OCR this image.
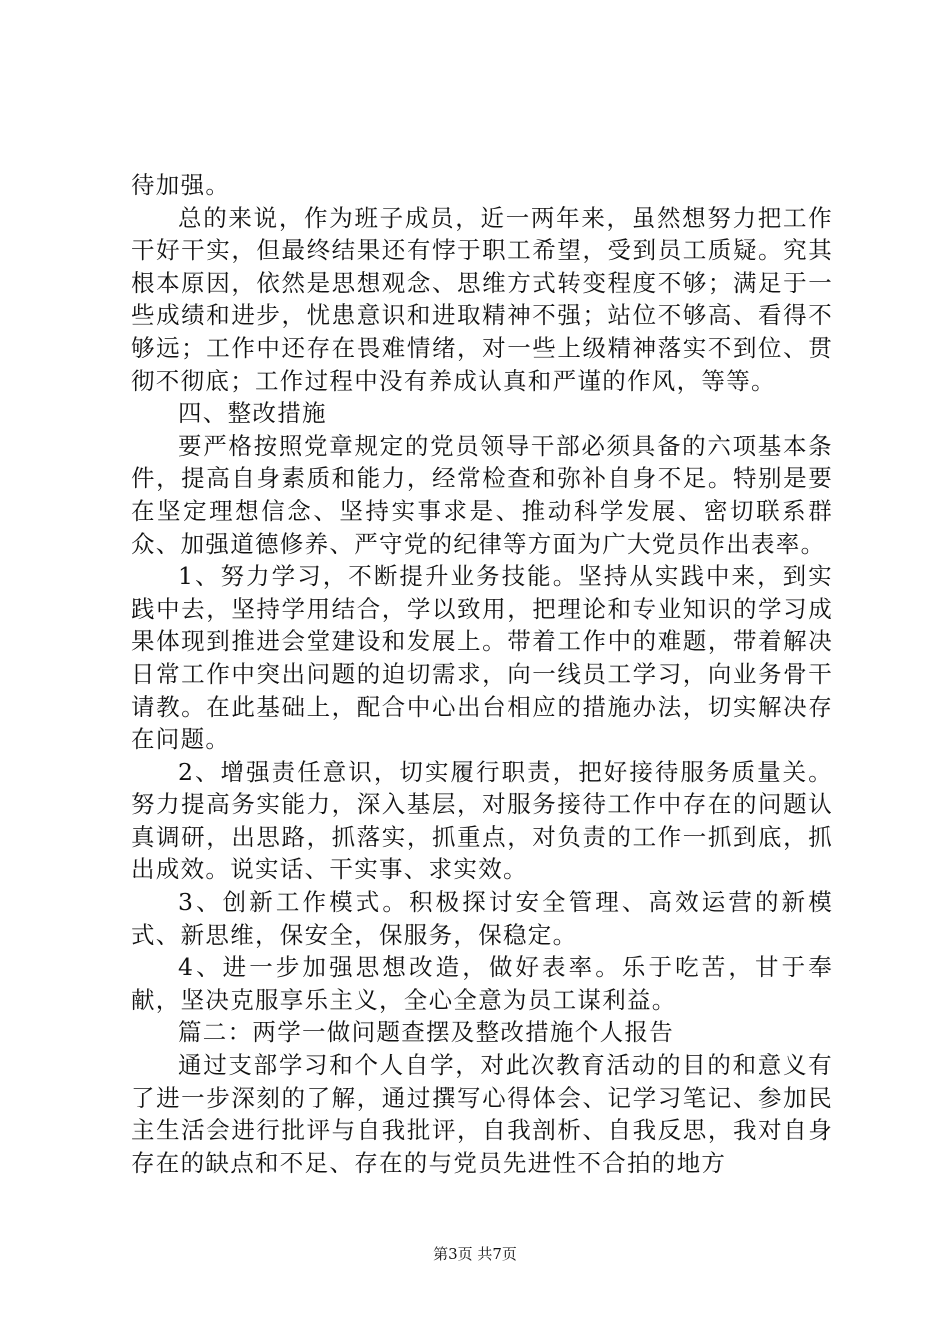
待加强。

总的来说，作为班子成员，近一两年来，虽然想努力把工作干好干实，但最终结果还有悖于职工希望，受到员工质疑。究其根本原因，依然是思想观念、思维方式转变程度不够；满足于一些成绩和进步，忧患意识和进取精神不强；站位不够高、看得不够远；工作中还存在畏难情绪，对一些上级精神落实不到位、贯彻不彻底；工作过程中没有养成认真和严谨的作风，等等。

四、整改措施

要严格按照党章规定的党员领导干部必须具备的六项基本条件，提高自身素质和能力，经常检查和弥补自身不足。特别是要在坚定理想信念、坚持实事求是、推动科学发展、密切联系群众、加强道德修养、严守党的纪律等方面为广大党员作出表率。

1、努力学习，不断提升业务技能。坚持从实践中来，到实践中去，坚持学用结合，学以致用，把理论和专业知识的学习成果体现到推进会堂建设和发展上。带着工作中的难题，带着解决日常工作中突出问题的迫切需求，向一线员工学习，向业务骨干请教。在此基础上，配合中心出台相应的措施办法，切实解决存在问题。

2、增强责任意识，切实履行职责，把好接待服务质量关。努力提高务实能力，深入基层，对服务接待工作中存在的问题认真调研，出思路，抓落实，抓重点，对负责的工作一抓到底，抓出成效。说实话、干实事、求实效。

3、创新工作模式。积极探讨安全管理、高效运营的新模式、新思维，保安全，保服务，保稳定。

4、进一步加强思想改造，做好表率。乐于吃苦，甘于奉献，坚决克服享乐主义，全心全意为员工谋利益。

篇二：两学一做问题查摆及整改措施个人报告

通过支部学习和个人自学，对此次教育活动的目的和意义有了进一步深刻的了解，通过撰写心得体会、记学习笔记、参加民主生活会进行批评与自我批评，自我剖析、自我反思，我对自身存在的缺点和不足、存在的与党员先进性不合拍的地方

第3页 共7页
